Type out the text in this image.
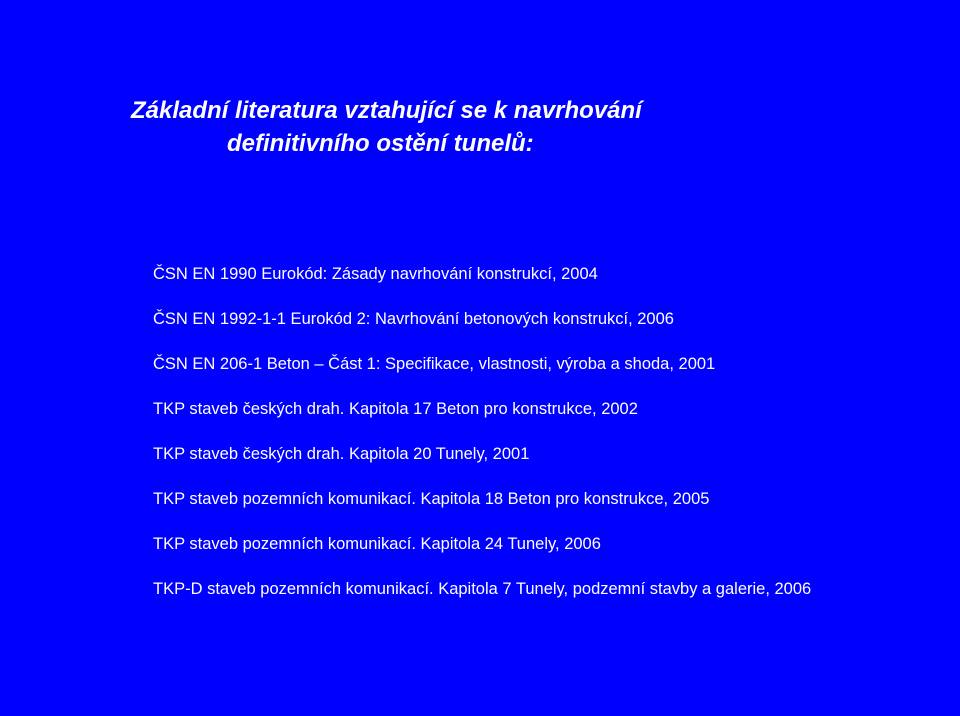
Základní literatura vztahující se k navrhování
definitivního ostění tunelů:
ČSN EN 1990 Eurokód: Zásady navrhování konstrukcí, 2004
ČSN EN 1992-1-1 Eurokód 2: Navrhování betonových konstrukcí, 2006
ČSN EN 206-1 Beton – Část 1: Specifikace, vlastnosti, výroba a shoda, 2001
TKP staveb českých drah. Kapitola 17 Beton pro konstrukce, 2002
TKP staveb českých drah. Kapitola 20 Tunely, 2001
TKP staveb pozemních komunikací. Kapitola 18 Beton pro konstrukce, 2005
TKP staveb pozemních komunikací. Kapitola 24 Tunely, 2006
TKP-D staveb pozemních komunikací. Kapitola 7 Tunely, podzemní stavby a galerie, 2006
